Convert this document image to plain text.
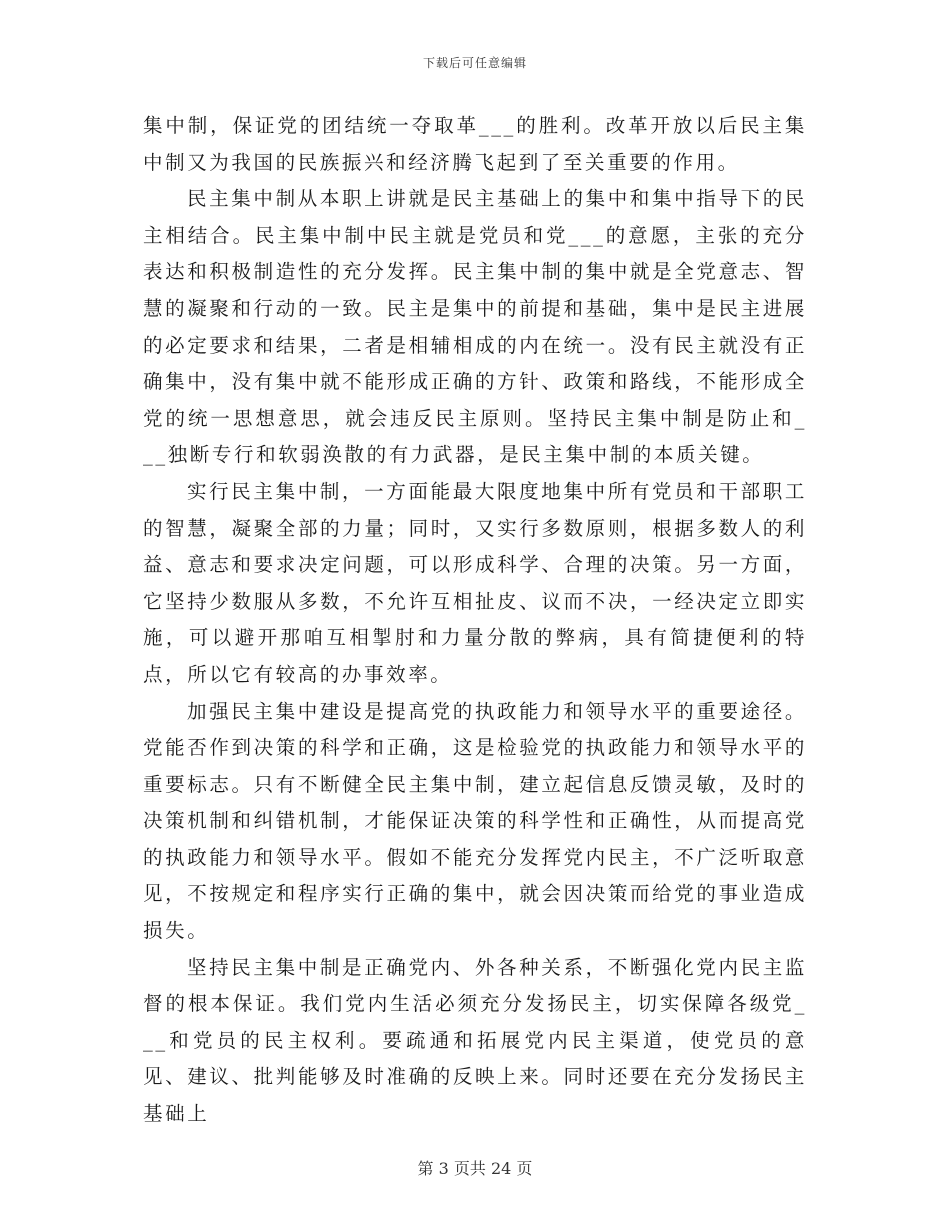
下载后可任意编辑

集中制，保证党的团结统一夺取革___的胜利。改革开放以后民主集中制又为我国的民族振兴和经济腾飞起到了至关重要的作用。

民主集中制从本职上讲就是民主基础上的集中和集中指导下的民主相结合。民主集中制中民主就是党员和党___的意愿，主张的充分表达和积极制造性的充分发挥。民主集中制的集中就是全党意志、智慧的凝聚和行动的一致。民主是集中的前提和基础，集中是民主进展的必定要求和结果，二者是相辅相成的内在统一。没有民主就没有正确集中，没有集中就不能形成正确的方针、政策和路线，不能形成全党的统一思想意思，就会违反民主原则。坚持民主集中制是防止和___独断专行和软弱涣散的有力武器，是民主集中制的本质关键。

实行民主集中制，一方面能最大限度地集中所有党员和干部职工的智慧，凝聚全部的力量；同时，又实行多数原则，根据多数人的利益、意志和要求决定问题，可以形成科学、合理的决策。另一方面，它坚持少数服从多数，不允许互相扯皮、议而不决，一经决定立即实施，可以避开那咱互相掣肘和力量分散的弊病，具有简捷便利的特点，所以它有较高的办事效率。

加强民主集中建设是提高党的执政能力和领导水平的重要途径。党能否作到决策的科学和正确，这是检验党的执政能力和领导水平的重要标志。只有不断健全民主集中制，建立起信息反馈灵敏，及时的决策机制和纠错机制，才能保证决策的科学性和正确性，从而提高党的执政能力和领导水平。假如不能充分发挥党内民主，不广泛听取意见，不按规定和程序实行正确的集中，就会因决策而给党的事业造成损失。

坚持民主集中制是正确党内、外各种关系，不断强化党内民主监督的根本保证。我们党内生活必须充分发扬民主，切实保障各级党___和党员的民主权利。要疏通和拓展党内民主渠道，使党员的意见、建议、批判能够及时准确的反映上来。同时还要在充分发扬民主基础上

第 3 页共 24 页
